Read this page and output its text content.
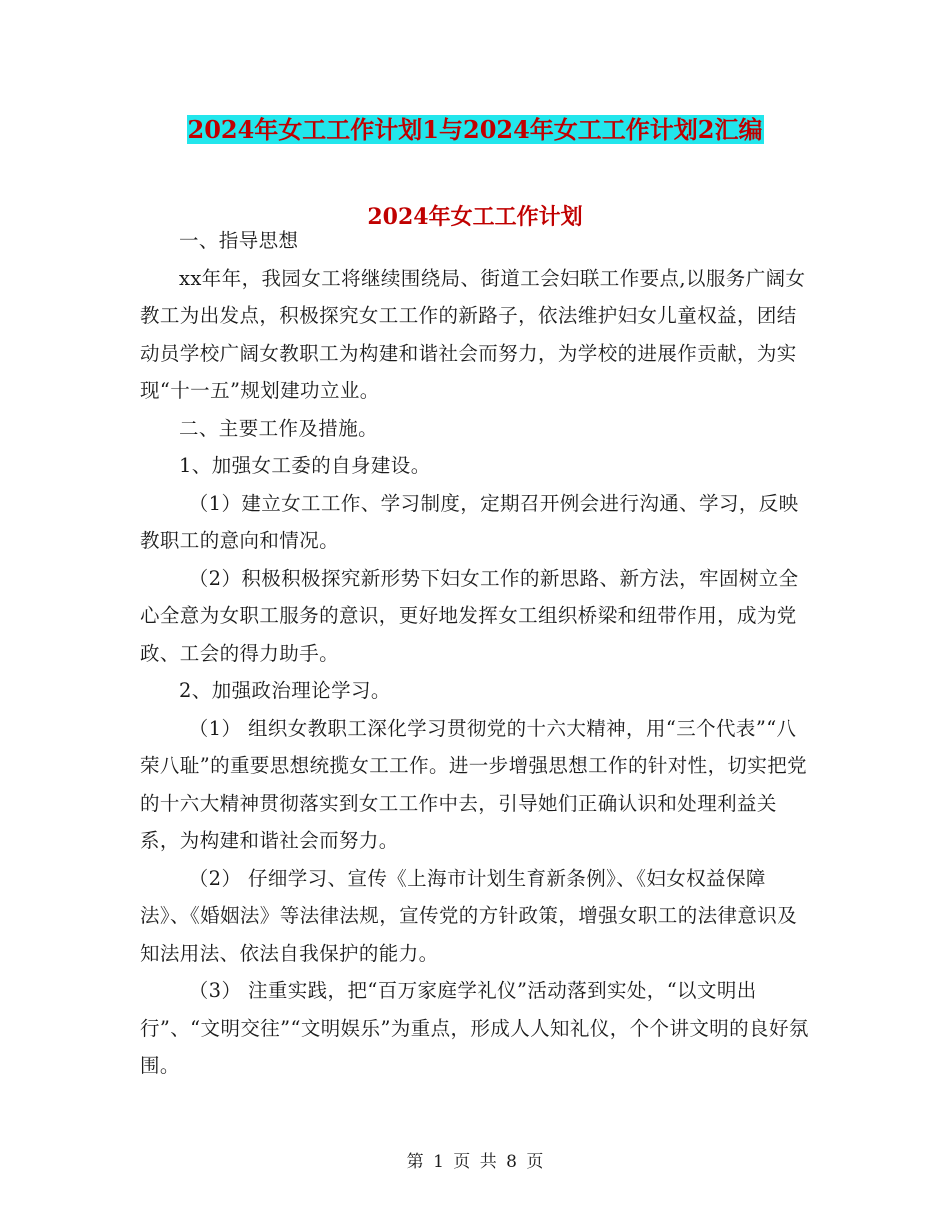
2024年女工工作计划1与2024年女工工作计划2汇编
2024年女工工作计划

一、指导思想

xx年年，我园女工将继续围绕局、街道工会妇联工作要点,以服务广阔女教工为出发点，积极探究女工工作的新路子，依法维护妇女儿童权益，团结动员学校广阔女教职工为构建和谐社会而努力，为学校的进展作贡献，为实现“十一五”规划建功立业。

二、主要工作及措施。

1、加强女工委的自身建设。

（1）建立女工工作、学习制度，定期召开例会进行沟通、学习，反映教职工的意向和情况。

（2）积极积极探究新形势下妇女工作的新思路、新方法，牢固树立全心全意为女职工服务的意识，更好地发挥女工组织桥梁和纽带作用，成为党政、工会的得力助手。

2、加强政治理论学习。

（1） 组织女教职工深化学习贯彻党的十六大精神，用“三个代表”“八荣八耻”的重要思想统揽女工工作。进一步增强思想工作的针对性，切实把党的十六大精神贯彻落实到女工工作中去，引导她们正确认识和处理利益关系，为构建和谐社会而努力。

（2） 仔细学习、宣传《上海市计划生育新条例》、《妇女权益保障法》、《婚姻法》等法律法规，宣传党的方针政策，增强女职工的法律意识及知法用法、依法自我保护的能力。

（3） 注重实践，把“百万家庭学礼仪”活动落到实处，“以文明出行”、“文明交往”“文明娱乐”为重点，形成人人知礼仪，个个讲文明的良好氛围。

第 1 页 共 8 页
